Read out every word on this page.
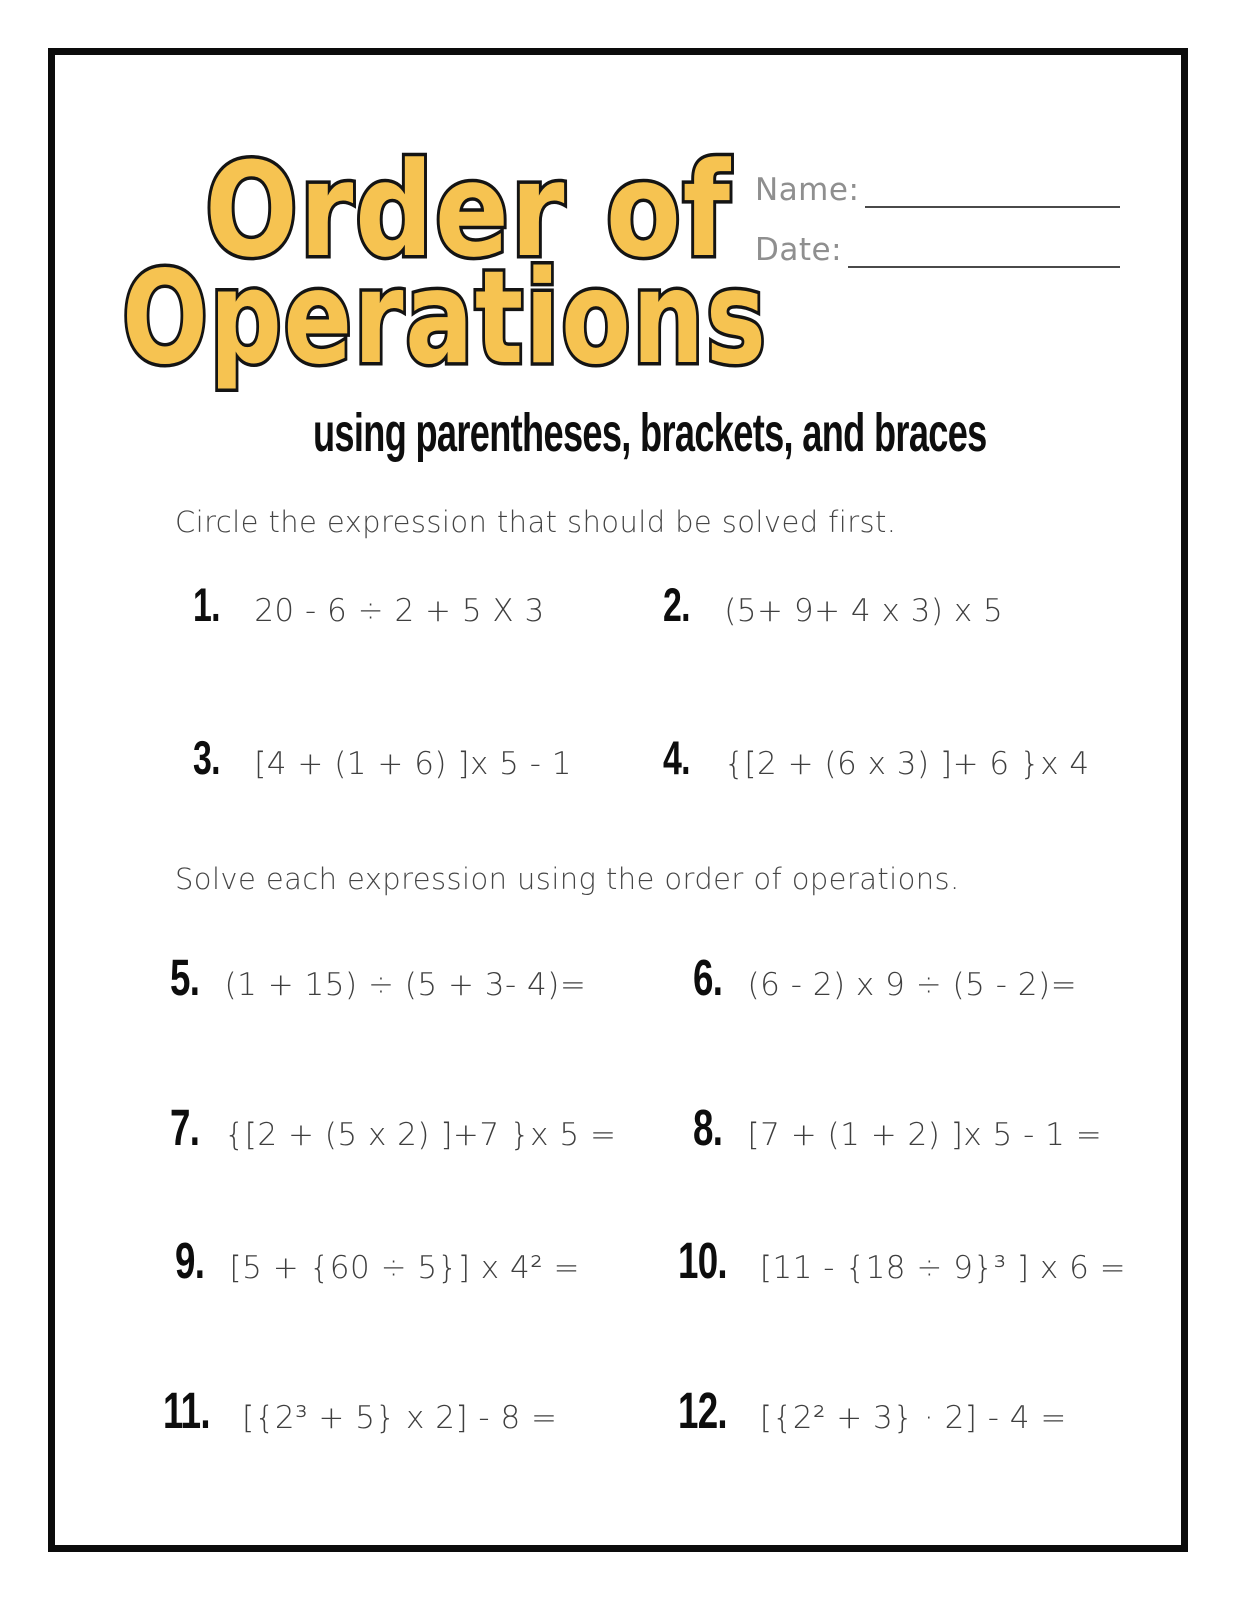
Order of
Operations
using parentheses, brackets, and braces
Name:
Date:
Circle the expression that should be solved first.
1. 20 - 6 ÷ 2 + 5 X 3	2. (5+ 9+ 4 x 3) x 5
3. [4 + (1 + 6) ]x 5 - 1 4. {[2 + (6 x 3) ]+ 6 }x 4
Solve each expression using the order of operations.
5. (1 + 15) ÷ (5 + 3- 4)= 6. (6 - 2) x 9 ÷ (5 - 2)=
7. {[2 + (5 x 2) ]+7 }x 5 = 8. [7 + (1 + 2) ]x 5 - 1 =
9. [5 + {60 ÷ 5}] x 4² = 10. [11 - {18 ÷ 9}³ ] x 6 =
11. [{2³ + 5} x 2] - 8 = 12. [{2² + 3} · 2] - 4 =
